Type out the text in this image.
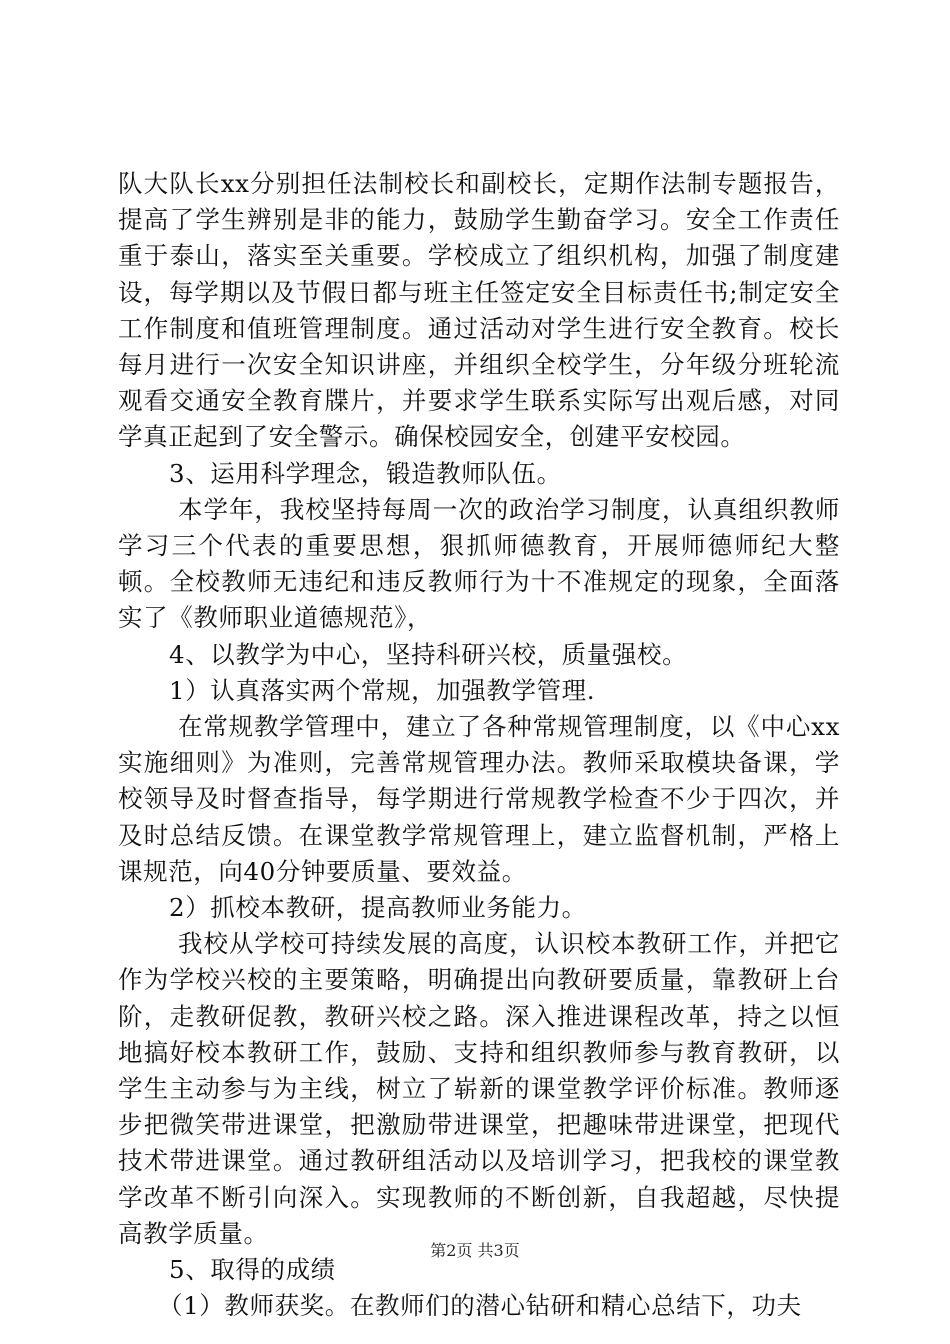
队大队长xx分别担任法制校长和副校长，定期作法制专题报告，提高了学生辨别是非的能力，鼓励学生勤奋学习。安全工作责任重于泰山，落实至关重要。学校成立了组织机构，加强了制度建设，每学期以及节假日都与班主任签定安全目标责任书;制定安全工作制度和值班管理制度。通过活动对学生进行安全教育。校长每月进行一次安全知识讲座，并组织全校学生，分年级分班轮流观看交通安全教育牒片，并要求学生联系实际写出观后感，对同学真正起到了安全警示。确保校园安全，创建平安校园。

3、运用科学理念，锻造教师队伍。

本学年，我校坚持每周一次的政治学习制度，认真组织教师学习三个代表的重要思想，狠抓师德教育，开展师德师纪大整顿。全校教师无违纪和违反教师行为十不准规定的现象，全面落实了《教师职业道德规范》，

4、以教学为中心，坚持科研兴校，质量强校。

1）认真落实两个常规，加强教学管理.

在常规教学管理中，建立了各种常规管理制度，以《中心xx实施细则》为准则，完善常规管理办法。教师采取模块备课，学校领导及时督查指导，每学期进行常规教学检查不少于四次，并及时总结反馈。在课堂教学常规管理上，建立监督机制，严格上课规范，向40分钟要质量、要效益。

2）抓校本教研，提高教师业务能力。

我校从学校可持续发展的高度，认识校本教研工作，并把它作为学校兴校的主要策略，明确提出向教研要质量，靠教研上台阶，走教研促教，教研兴校之路。深入推进课程改革，持之以恒地搞好校本教研工作，鼓励、支持和组织教师参与教育教研，以学生主动参与为主线，树立了崭新的课堂教学评价标准。教师逐步把微笑带进课堂，把激励带进课堂，把趣味带进课堂，把现代技术带进课堂。通过教研组活动以及培训学习，把我校的课堂教学改革不断引向深入。实现教师的不断创新，自我超越，尽快提高教学质量。

5、取得的成绩

（1）教师获奖。在教师们的潜心钻研和精心总结下，功夫

第2页 共3页
